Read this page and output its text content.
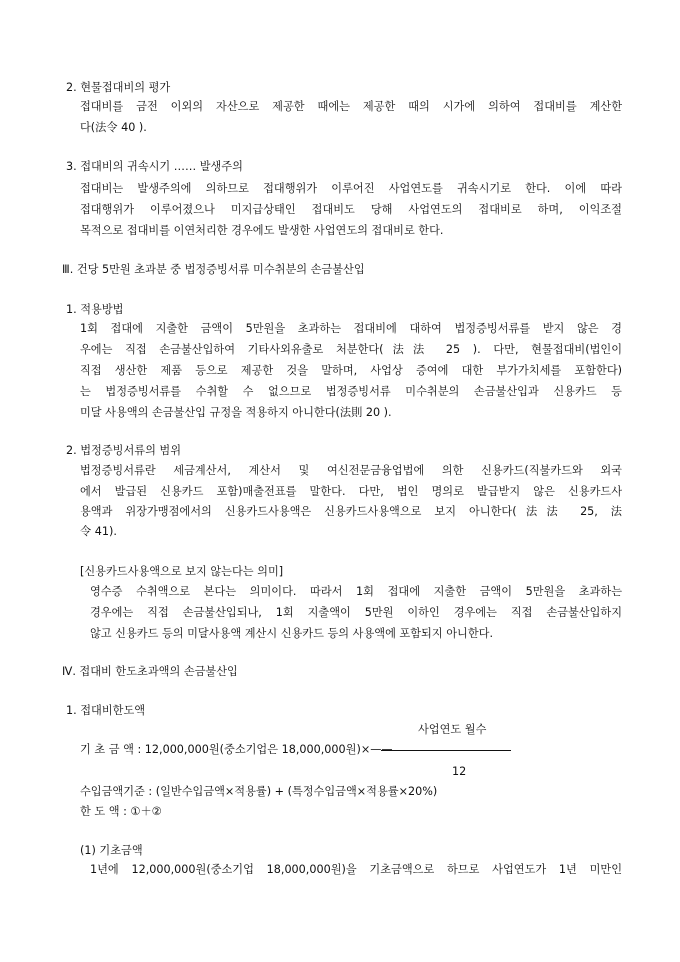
2. 현물접대비의 평가
접대비를 금전 이외의 자산으로 제공한 때에는 제공한 때의 시가에 의하여 접대비를 계산한
다(法令 40 ).
3. 접대비의 귀속시기 …… 발생주의
접대비는 발생주의에 의하므로 접대행위가 이루어진 사업연도를 귀속시기로 한다. 이에 따라
접대행위가 이루어졌으나 미지급상태인 접대비도 당해 사업연도의 접대비로 하며, 이익조절
목적으로 접대비를 이연처리한 경우에도 발생한 사업연도의 접대비로 한다.
Ⅲ. 건당 5만원 초과분 중 법정증빙서류 미수취분의 손금불산입
1. 적용방법
1회 접대에 지출한 금액이 5만원을 초과하는 접대비에 대하여 법정증빙서류를 받지 않은 경
우에는 직접 손금불산입하여 기타사외유출로 처분한다(法法 25 ). 다만, 현물접대비(법인이
직접 생산한 제품 등으로 제공한 것을 말하며, 사업상 증여에 대한 부가가치세를 포함한다)
는 법정증빙서류를 수취할 수 없으므로 법정증빙서류 미수취분의 손금불산입과 신용카드 등
미달 사용액의 손금불산입 규정을 적용하지 아니한다(法則 20 ).
2. 법정증빙서류의 범위
법정증빙서류란 세금계산서, 계산서 및 여신전문금융업법에 의한 신용카드(직불카드와 외국
에서 발급된 신용카드 포함)매출전표를 말한다. 다만, 법인 명의로 발급받지 않은 신용카드사
용액과 위장가맹점에서의 신용카드사용액은 신용카드사용액으로 보지 아니한다(法法 25, 法
令 41).
[신용카드사용액으로 보지 않는다는 의미]
영수증 수취액으로 본다는 의미이다. 따라서 1회 접대에 지출한 금액이 5만원을 초과하는
경우에는 직접 손금불산입되나, 1회 지출액이 5만원 이하인 경우에는 직접 손금불산입하지
않고 신용카드 등의 미달사용액 계산시 신용카드 등의 사용액에 포함되지 아니한다.
Ⅳ. 접대비 한도초과액의 손금불산입
1. 접대비한도액
사업연도 월수
기 초 금 액 : 12,000,000원(중소기업은 18,000,000원)×——
12
수입금액기준 : (일반수입금액×적용률) + (특정수입금액×적용률×20%)
한 도 액 : ①＋②
(1) 기초금액
1년에 12,000,000원(중소기업 18,000,000원)을 기초금액으로 하므로 사업연도가 1년 미만인
